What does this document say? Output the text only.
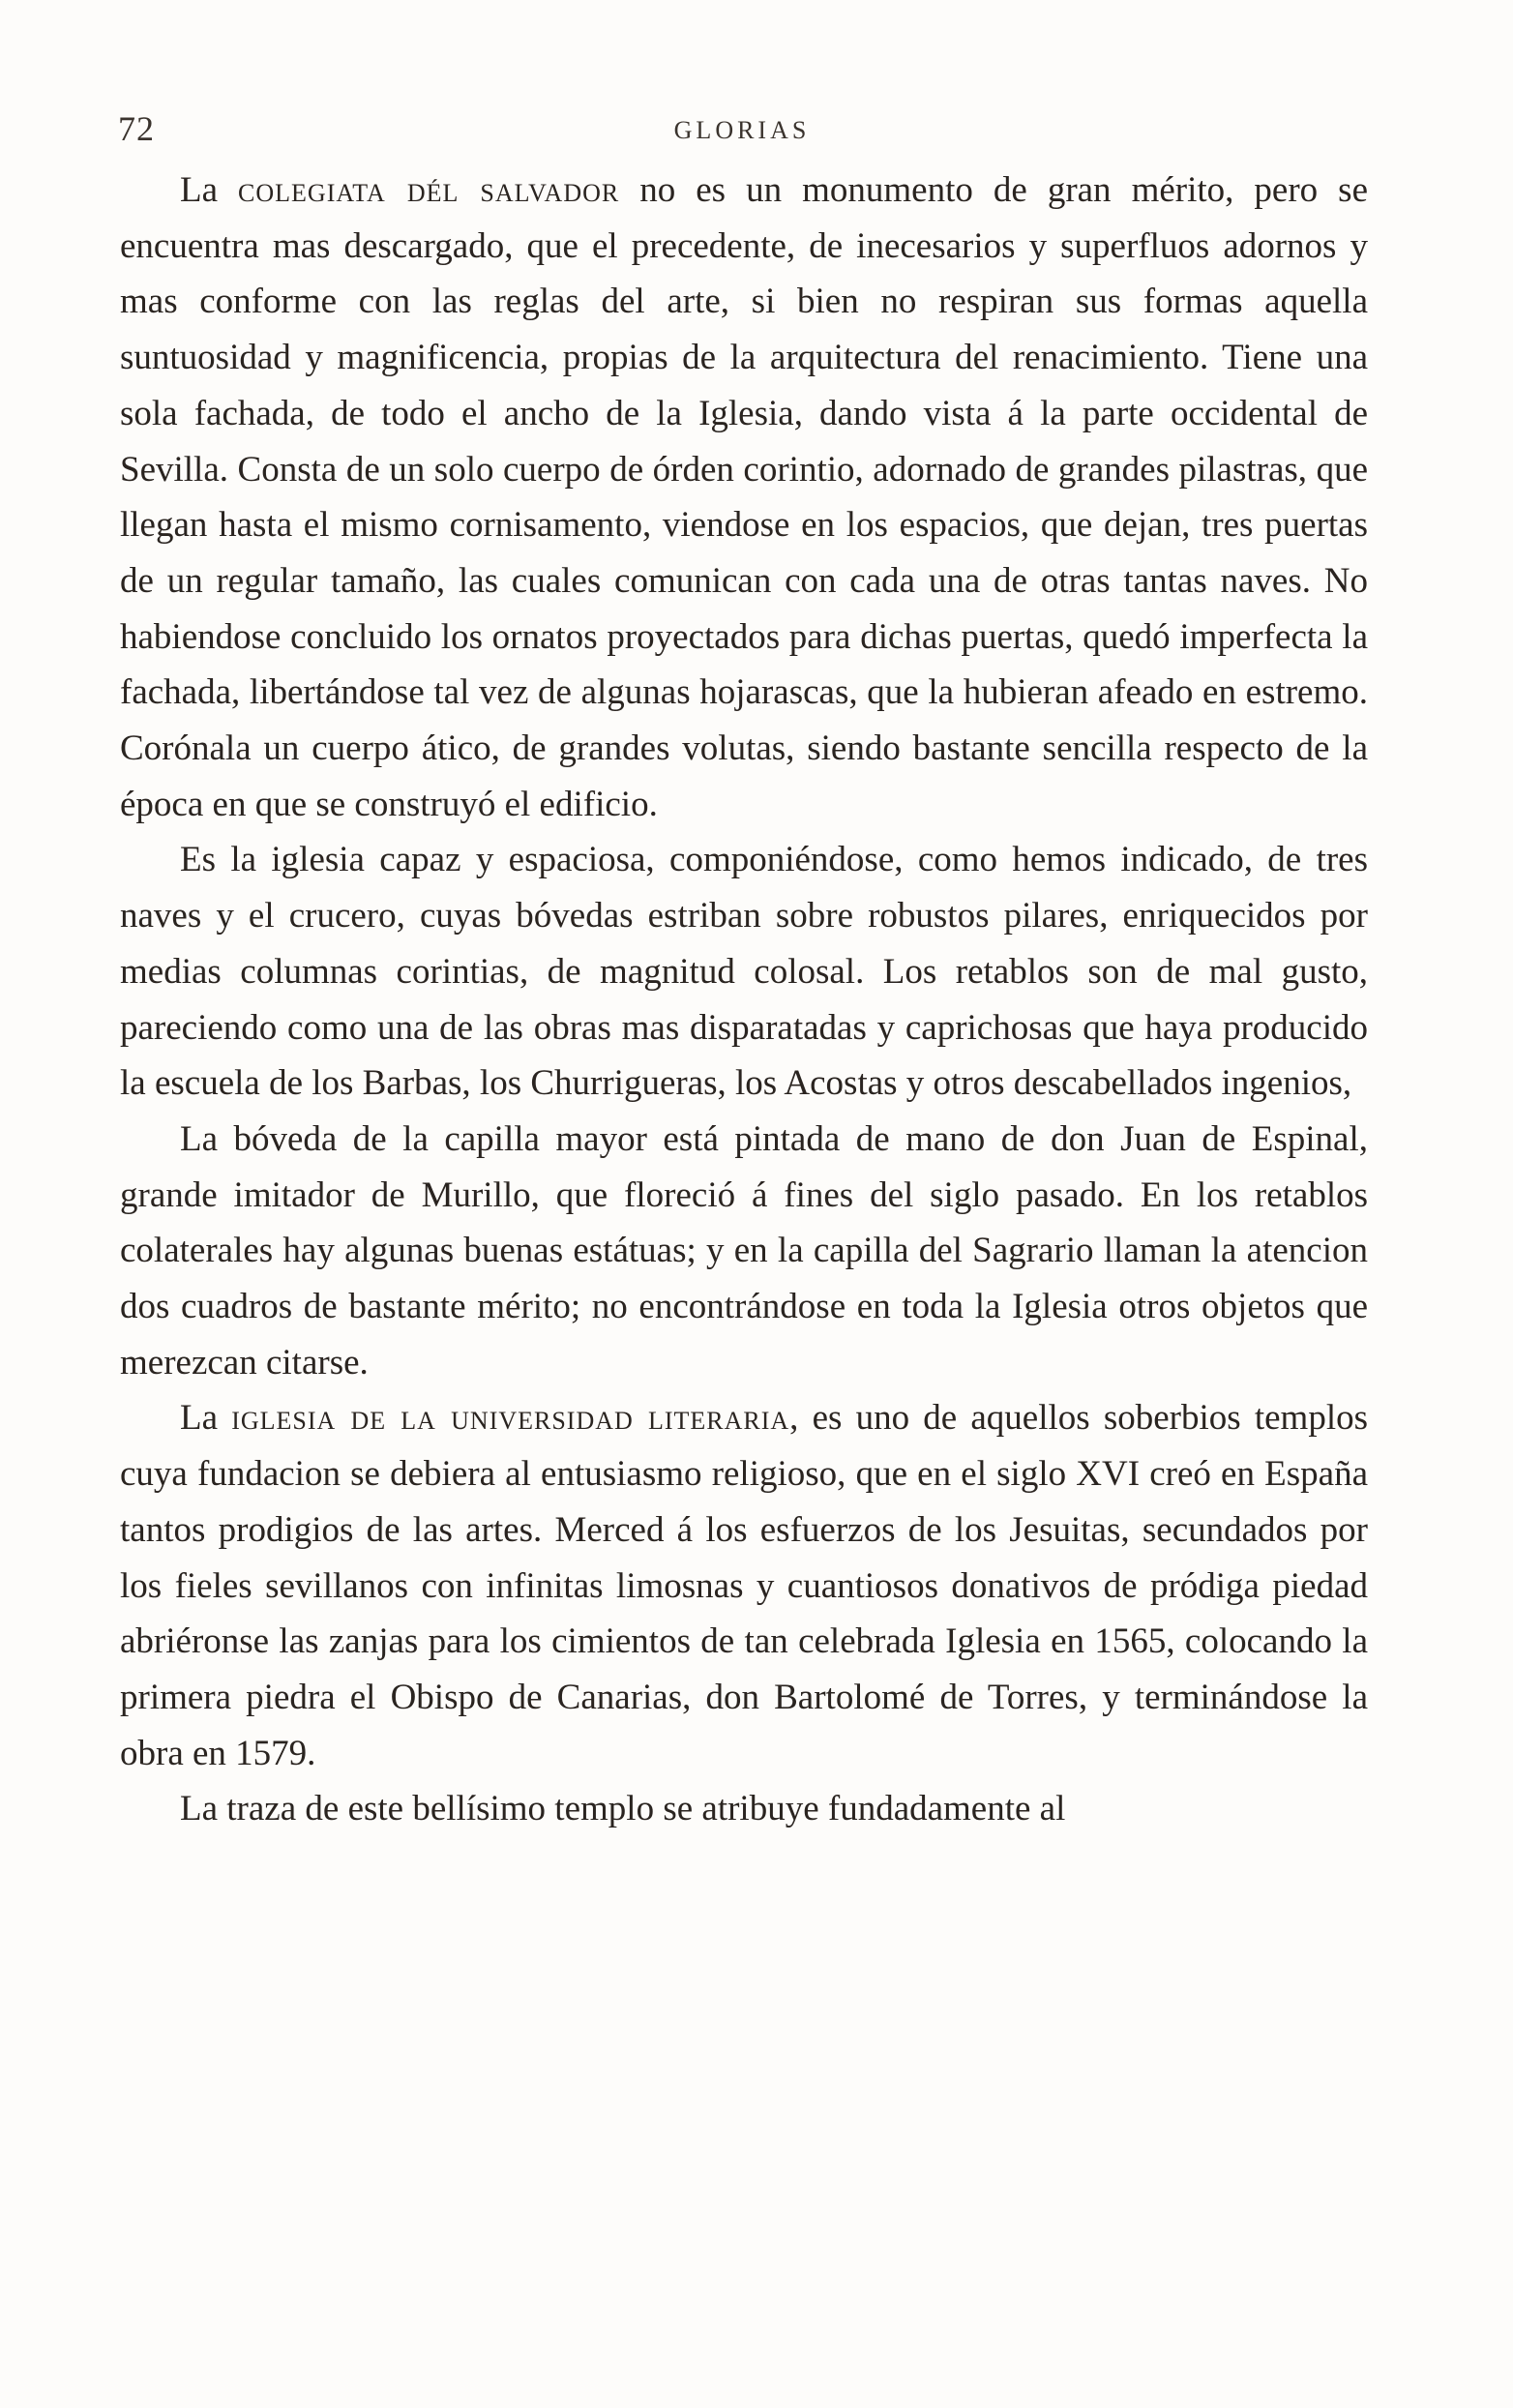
72	GLORIAS

La colegiata dél salvador no es un monumento de gran mérito, pero se encuentra mas descargado, que el precedente, de inecesarios y superfluos adornos y mas conforme con las reglas del arte, si bien no respiran sus formas aquella suntuosidad y magnificencia, propias de la arquitectura del renacimiento. Tiene una sola fachada, de todo el ancho de la Iglesia, dando vista á la parte occidental de Sevilla. Consta de un solo cuerpo de órden corintio, adornado de grandes pilastras, que llegan hasta el mismo cornisamento, viendose en los espacios, que dejan, tres puertas de un regular tamaño, las cuales comunican con cada una de otras tantas naves. No habiendose concluido los ornatos proyectados para dichas puertas, quedó imperfecta la fachada, libertándose tal vez de algunas hojarascas, que la hubieran afeado en estremo. Corónala un cuerpo ático, de grandes volutas, siendo bastante sencilla respecto de la época en que se construyó el edificio.

Es la iglesia capaz y espaciosa, componiéndose, como hemos indicado, de tres naves y el crucero, cuyas bóvedas estriban sobre robustos pilares, enriquecidos por medias columnas corintias, de magnitud colosal. Los retablos son de mal gusto, pareciendo como una de las obras mas disparatadas y caprichosas que haya producido la escuela de los Barbas, los Churrigueras, los Acostas y otros descabellados ingenios,

La bóveda de la capilla mayor está pintada de mano de don Juan de Espinal, grande imitador de Murillo, que floreció á fines del siglo pasado. En los retablos colaterales hay algunas buenas estátuas; y en la capilla del Sagrario llaman la atencion dos cuadros de bastante mérito; no encontrándose en toda la Iglesia otros objetos que merezcan citarse.

La iglesia de la universidad literaria, es uno de aquellos soberbios templos cuya fundacion se debiera al entusiasmo religioso, que en el siglo XVI creó en España tantos prodigios de las artes. Merced á los esfuerzos de los Jesuitas, secundados por los fieles sevillanos con infinitas limosnas y cuantiosos donativos de pródiga piedad abriéronse las zanjas para los cimientos de tan celebrada Iglesia en 1565, colocando la primera piedra el Obispo de Canarias, don Bartolomé de Torres, y terminándose la obra en 1579.

La traza de este bellísimo templo se atribuye fundadamente al
